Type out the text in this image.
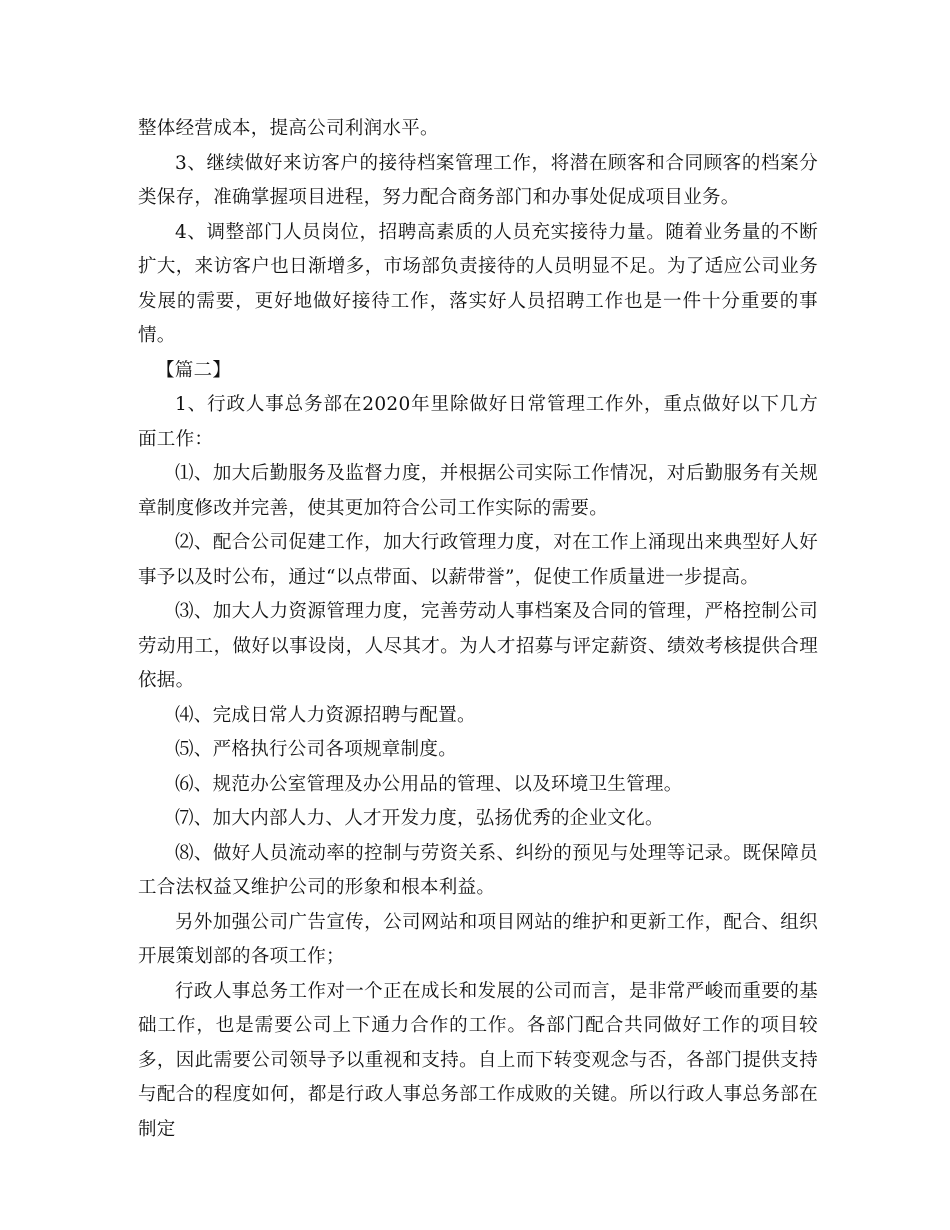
整体经营成本，提高公司利润水平。

3、继续做好来访客户的接待档案管理工作，将潜在顾客和合同顾客的档案分类保存，准确掌握项目进程，努力配合商务部门和办事处促成项目业务。

4、调整部门人员岗位，招聘高素质的人员充实接待力量。随着业务量的不断扩大，来访客户也日渐增多，市场部负责接待的人员明显不足。为了适应公司业务发展的需要，更好地做好接待工作，落实好人员招聘工作也是一件十分重要的事情。

【篇二】

1、行政人事总务部在2020年里除做好日常管理工作外，重点做好以下几方面工作：

⑴、加大后勤服务及监督力度，并根据公司实际工作情况，对后勤服务有关规章制度修改并完善，使其更加符合公司工作实际的需要。

⑵、配合公司促建工作，加大行政管理力度，对在工作上涌现出来典型好人好事予以及时公布，通过“以点带面、以薪带誉”，促使工作质量进一步提高。

⑶、加大人力资源管理力度，完善劳动人事档案及合同的管理，严格控制公司劳动用工，做好以事设岗，人尽其才。为人才招募与评定薪资、绩效考核提供合理依据。

⑷、完成日常人力资源招聘与配置。

⑸、严格执行公司各项规章制度。

⑹、规范办公室管理及办公用品的管理、以及环境卫生管理。

⑺、加大内部人力、人才开发力度，弘扬优秀的企业文化。

⑻、做好人员流动率的控制与劳资关系、纠纷的预见与处理等记录。既保障员工合法权益又维护公司的形象和根本利益。

另外加强公司广告宣传，公司网站和项目网站的维护和更新工作，配合、组织开展策划部的各项工作；

行政人事总务工作对一个正在成长和发展的公司而言，是非常严峻而重要的基础工作，也是需要公司上下通力合作的工作。各部门配合共同做好工作的项目较多，因此需要公司领导予以重视和支持。自上而下转变观念与否，各部门提供支持与配合的程度如何，都是行政人事总务部工作成败的关键。所以行政人事总务部在制定
